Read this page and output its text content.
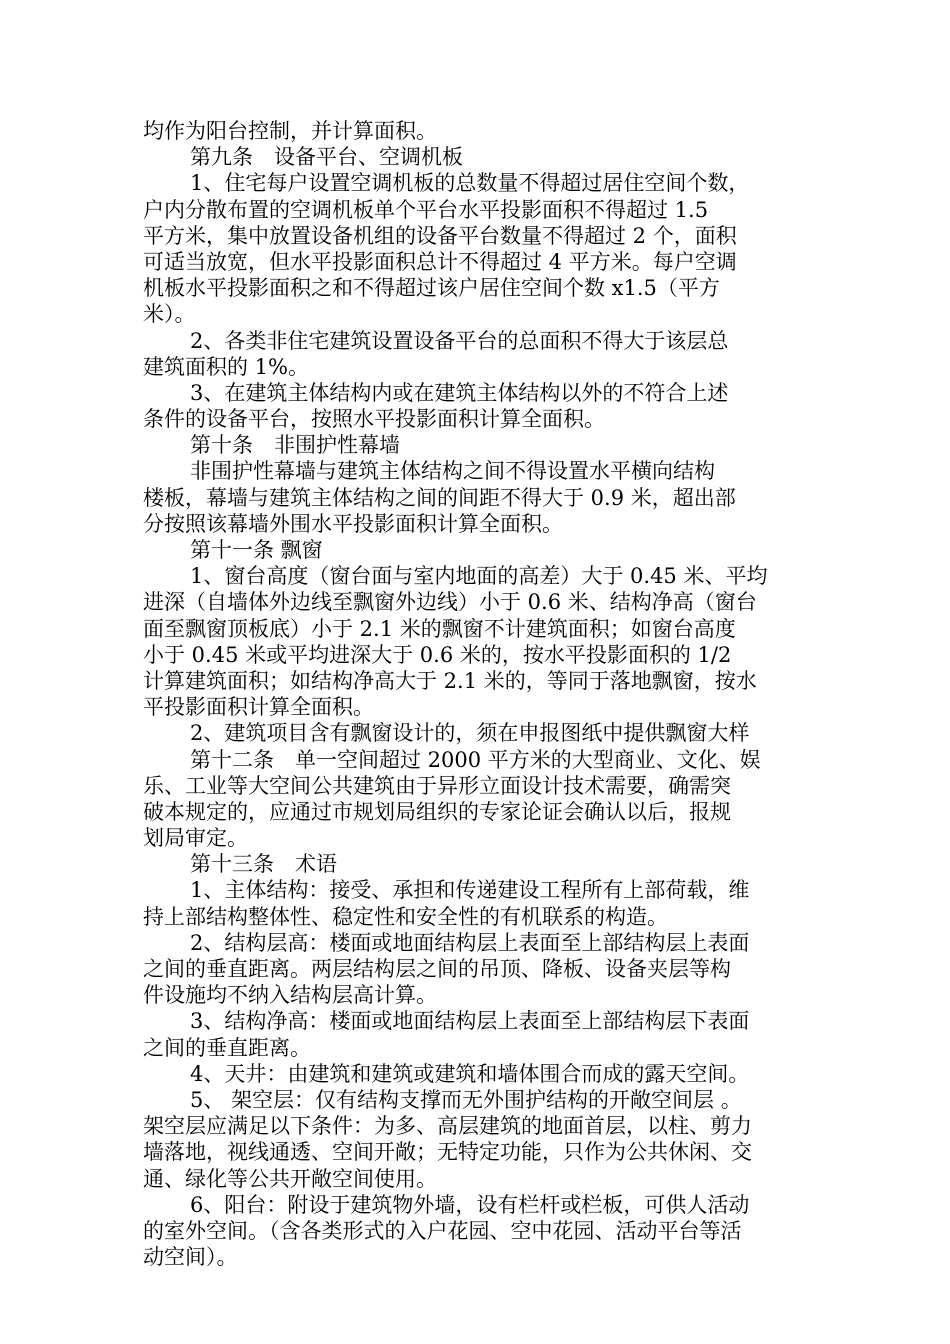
均作为阳台控制，并计算面积。
第九条　设备平台、空调机板
1、住宅每户设置空调机板的总数量不得超过居住空间个数，
户内分散布置的空调机板单个平台水平投影面积不得超过 1.5
平方米，集中放置设备机组的设备平台数量不得超过 2 个，面积
可适当放宽，但水平投影面积总计不得超过 4 平方米。每户空调
机板水平投影面积之和不得超过该户居住空间个数 x1.5（平方
米）。
2、各类非住宅建筑设置设备平台的总面积不得大于该层总
建筑面积的 1%。
3、在建筑主体结构内或在建筑主体结构以外的不符合上述
条件的设备平台，按照水平投影面积计算全面积。
第十条　非围护性幕墙
非围护性幕墙与建筑主体结构之间不得设置水平横向结构
楼板，幕墙与建筑主体结构之间的间距不得大于 0.9 米，超出部
分按照该幕墙外围水平投影面积计算全面积。
第十一条 飘窗
1、窗台高度（窗台面与室内地面的高差）大于 0.45 米、平均
进深（自墙体外边线至飘窗外边线）小于 0.6 米、结构净高（窗台
面至飘窗顶板底）小于 2.1 米的飘窗不计建筑面积；如窗台高度
小于 0.45 米或平均进深大于 0.6 米的，按水平投影面积的 1/2
计算建筑面积；如结构净高大于 2.1 米的，等同于落地飘窗，按水
平投影面积计算全面积。
2、建筑项目含有飘窗设计的，须在申报图纸中提供飘窗大样
第十二条　单一空间超过 2000 平方米的大型商业、文化、娱
乐、工业等大空间公共建筑由于异形立面设计技术需要，确需突
破本规定的，应通过市规划局组织的专家论证会确认以后，报规
划局审定。
第十三条　术语
1、主体结构：接受、承担和传递建设工程所有上部荷载，维
持上部结构整体性、稳定性和安全性的有机联系的构造。
2、结构层高：楼面或地面结构层上表面至上部结构层上表面
之间的垂直距离。两层结构层之间的吊顶、降板、设备夹层等构
件设施均不纳入结构层高计算。
3、结构净高：楼面或地面结构层上表面至上部结构层下表面
之间的垂直距离。
4、天井：由建筑和建筑或建筑和墙体围合而成的露天空间。
5、 架空层：仅有结构支撑而无外围护结构的开敞空间层 。
架空层应满足以下条件：为多、高层建筑的地面首层，以柱、剪力
墙落地，视线通透、空间开敞；无特定功能，只作为公共休闲、交
通、绿化等公共开敞空间使用。
6、阳台：附设于建筑物外墙，设有栏杆或栏板，可供人活动
的室外空间。（含各类形式的入户花园、空中花园、活动平台等活
动空间）。
